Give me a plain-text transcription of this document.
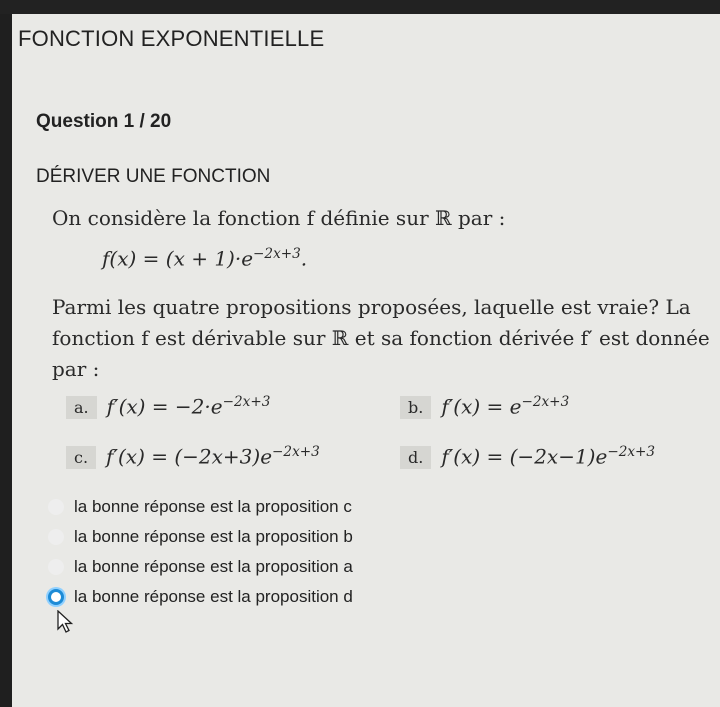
FONCTION EXPONENTIELLE
Question 1 / 20
DÉRIVER UNE FONCTION
On considère la fonction f définie sur ℝ par :
$f(x) = (x + 1)\cdot e^{-2x+3}$.
Parmi les quatre propositions proposées, laquelle est vraie? La fonction f est dérivable sur ℝ et sa fonction dérivée f′ est donnée par :
a. $f'(x) = -2\cdot e^{-2x+3}$	b. $f'(x) = e^{-2x+3}$
c. $f'(x) = (-2x+3)e^{-2x+3}$	d. $f'(x) = (-2x-1)e^{-2x+3}$
la bonne réponse est la proposition c
la bonne réponse est la proposition b
la bonne réponse est la proposition a
la bonne réponse est la proposition d
